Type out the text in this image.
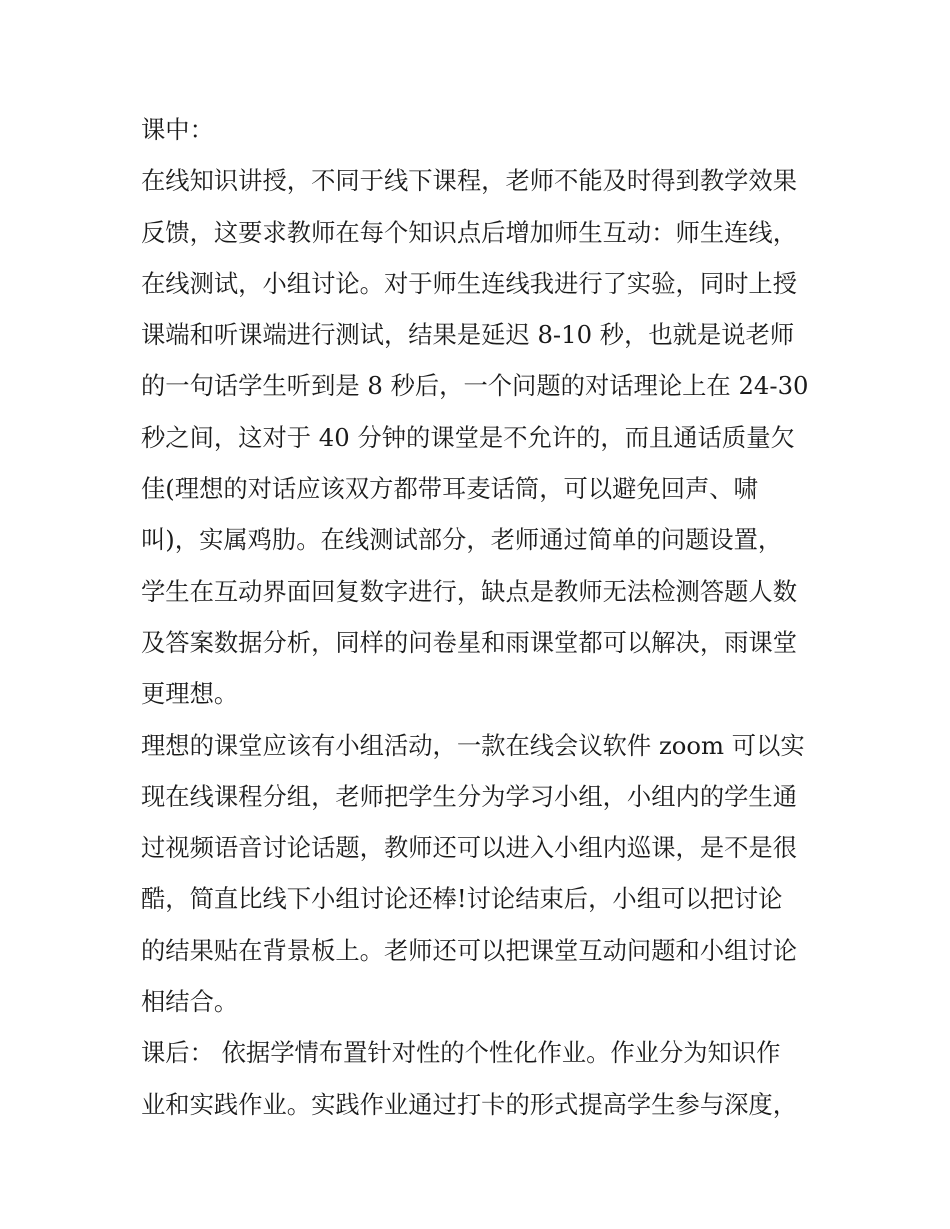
课中：
在线知识讲授，不同于线下课程，老师不能及时得到教学效果
反馈，这要求教师在每个知识点后增加师生互动：师生连线，
在线测试，小组讨论。对于师生连线我进行了实验，同时上授
课端和听课端进行测试，结果是延迟 8-10 秒，也就是说老师
的一句话学生听到是 8 秒后，一个问题的对话理论上在 24-30
秒之间，这对于 40 分钟的课堂是不允许的，而且通话质量欠
佳(理想的对话应该双方都带耳麦话筒，可以避免回声、啸
叫)，实属鸡肋。在线测试部分，老师通过简单的问题设置，
学生在互动界面回复数字进行，缺点是教师无法检测答题人数
及答案数据分析，同样的问卷星和雨课堂都可以解决，雨课堂
更理想。
理想的课堂应该有小组活动，一款在线会议软件 zoom 可以实
现在线课程分组，老师把学生分为学习小组，小组内的学生通
过视频语音讨论话题，教师还可以进入小组内巡课，是不是很
酷，简直比线下小组讨论还棒!讨论结束后，小组可以把讨论
的结果贴在背景板上。老师还可以把课堂互动问题和小组讨论
相结合。
课后： 依据学情布置针对性的个性化作业。作业分为知识作
业和实践作业。实践作业通过打卡的形式提高学生参与深度，
